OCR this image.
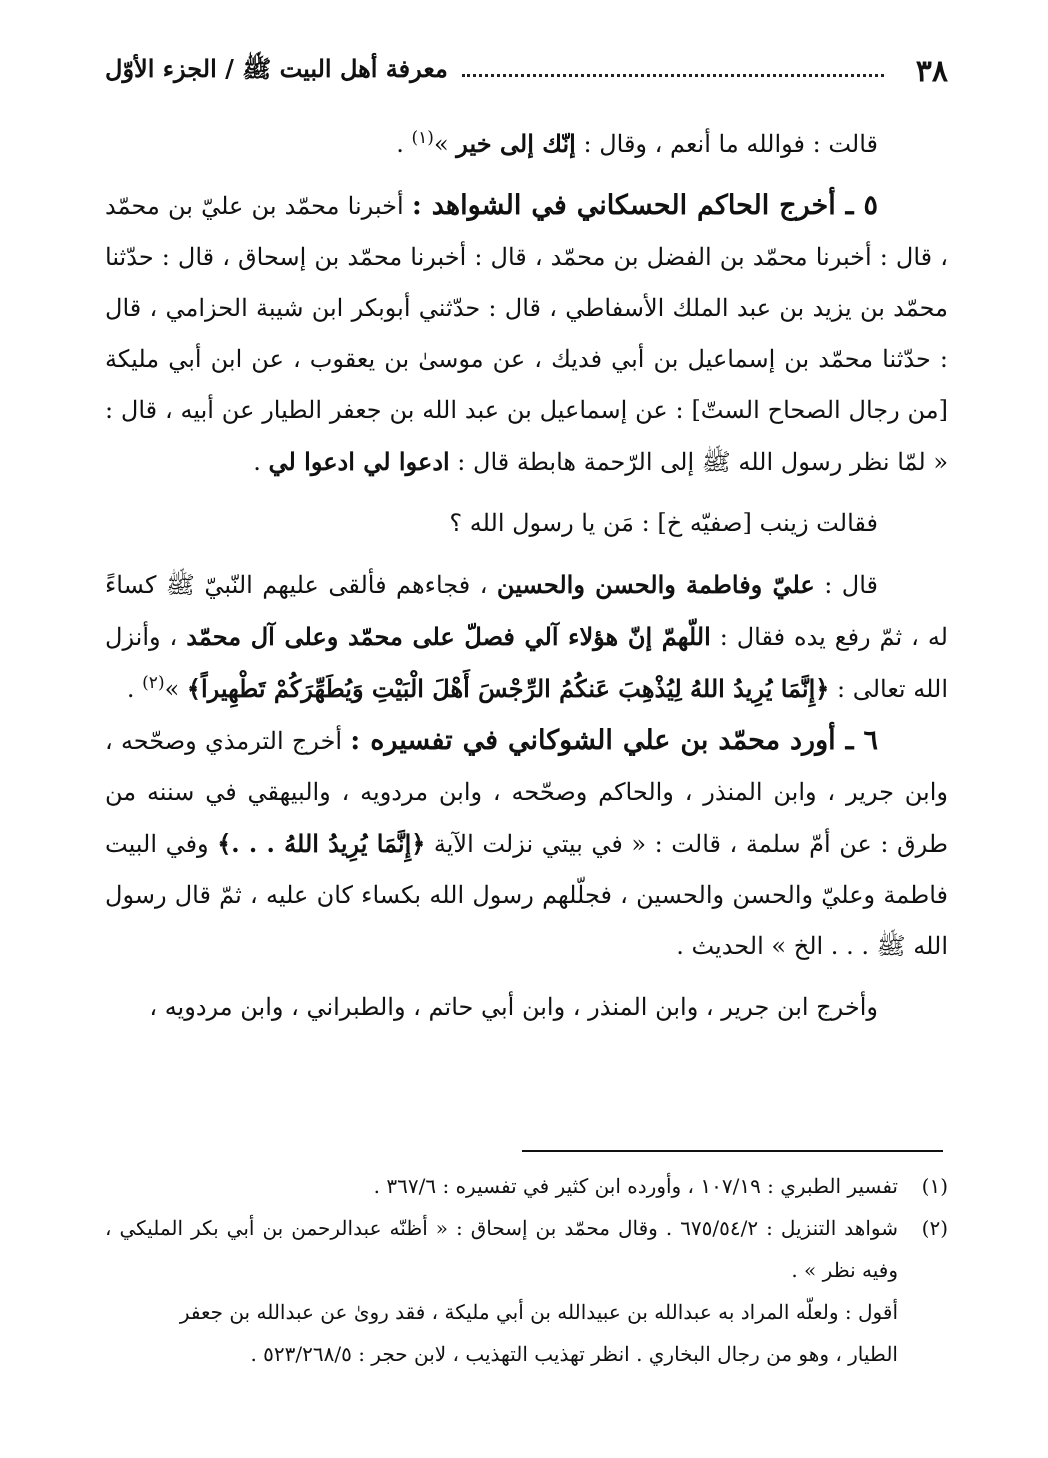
٣٨
معرفة أهل البيت ﷺ / الجزء الأوّل

قالت : فوالله ما أنعم ، وقال : إنّك إلى خير »$^{(١)}$ .

٥ ـ أخرج الحاكم الحسكاني في الشواهد : أخبرنا محمّد بن عليّ بن محمّد ، قال : أخبرنا محمّد بن الفضل بن محمّد ، قال : أخبرنا محمّد بن إسحاق ، قال : حدّثنا محمّد بن يزيد بن عبد الملك الأسفاطي ، قال : حدّثني أبوبكر ابن شيبة الحزامي ، قال : حدّثنا محمّد بن إسماعيل بن أبي فديك ، عن موسىٰ بن يعقوب ، عن ابن أبي مليكة [من رجال الصحاح الستّ] : عن إسماعيل بن عبد الله بن جعفر الطيار عن أبيه ، قال : « لمّا نظر رسول الله ﷺ إلى الرّحمة هابطة قال : ادعوا لي ادعوا لي .

فقالت زينب [صفيّه خ] : مَن يا رسول الله ؟

قال : عليّ وفاطمة والحسن والحسين ، فجاءهم فألقى عليهم النّبيّ ﷺ كساءً له ، ثمّ رفع يده فقال : اللّهمّ إنّ هؤلاء آلي فصلّ على محمّد وعلى آل محمّد ، وأنزل الله تعالى : ﴿إِنَّمَا يُرِيدُ اللهُ لِيُذْهِبَ عَنكُمُ الرِّجْسَ أَهْلَ الْبَيْتِ وَيُطَهِّرَكُمْ تَطْهِيراً﴾ »$^{(٢)}$ .

٦ ـ أورد محمّد بن علي الشوكاني في تفسيره : أخرج الترمذي وصحّحه ، وابن جرير ، وابن المنذر ، والحاكم وصحّحه ، وابن مردويه ، والبيهقي في سننه من طرق : عن أمّ سلمة ، قالت : « في بيتي نزلت الآية ﴿إِنَّمَا يُرِيدُ اللهُ . . .﴾ وفي البيت فاطمة وعليّ والحسن والحسين ، فجلّلهم رسول الله بكساء كان عليه ، ثمّ قال رسول الله ﷺ . . . الخ » الحديث .

وأخرج ابن جرير ، وابن المنذر ، وابن أبي حاتم ، والطبراني ، وابن مردويه ،

(١)
تفسير الطبري : ١٠٧/١٩ ، وأورده ابن كثير في تفسيره : ٣٦٧/٦ .
(٢)
شواهد التنزيل : ٦٧٥/٥٤/٢ . وقال محمّد بن إسحاق : « أظنّه عبدالرحمن بن أبي بكر المليكي ، وفيه نظر » .

أقول : ولعلّه المراد به عبدالله بن عبيدالله بن أبي مليكة ، فقد روىٰ عن عبدالله بن جعفر

الطيار ، وهو من رجال البخاري . انظر تهذيب التهذيب ، لابن حجر : ٥٢٣/٢٦٨/٥ .
